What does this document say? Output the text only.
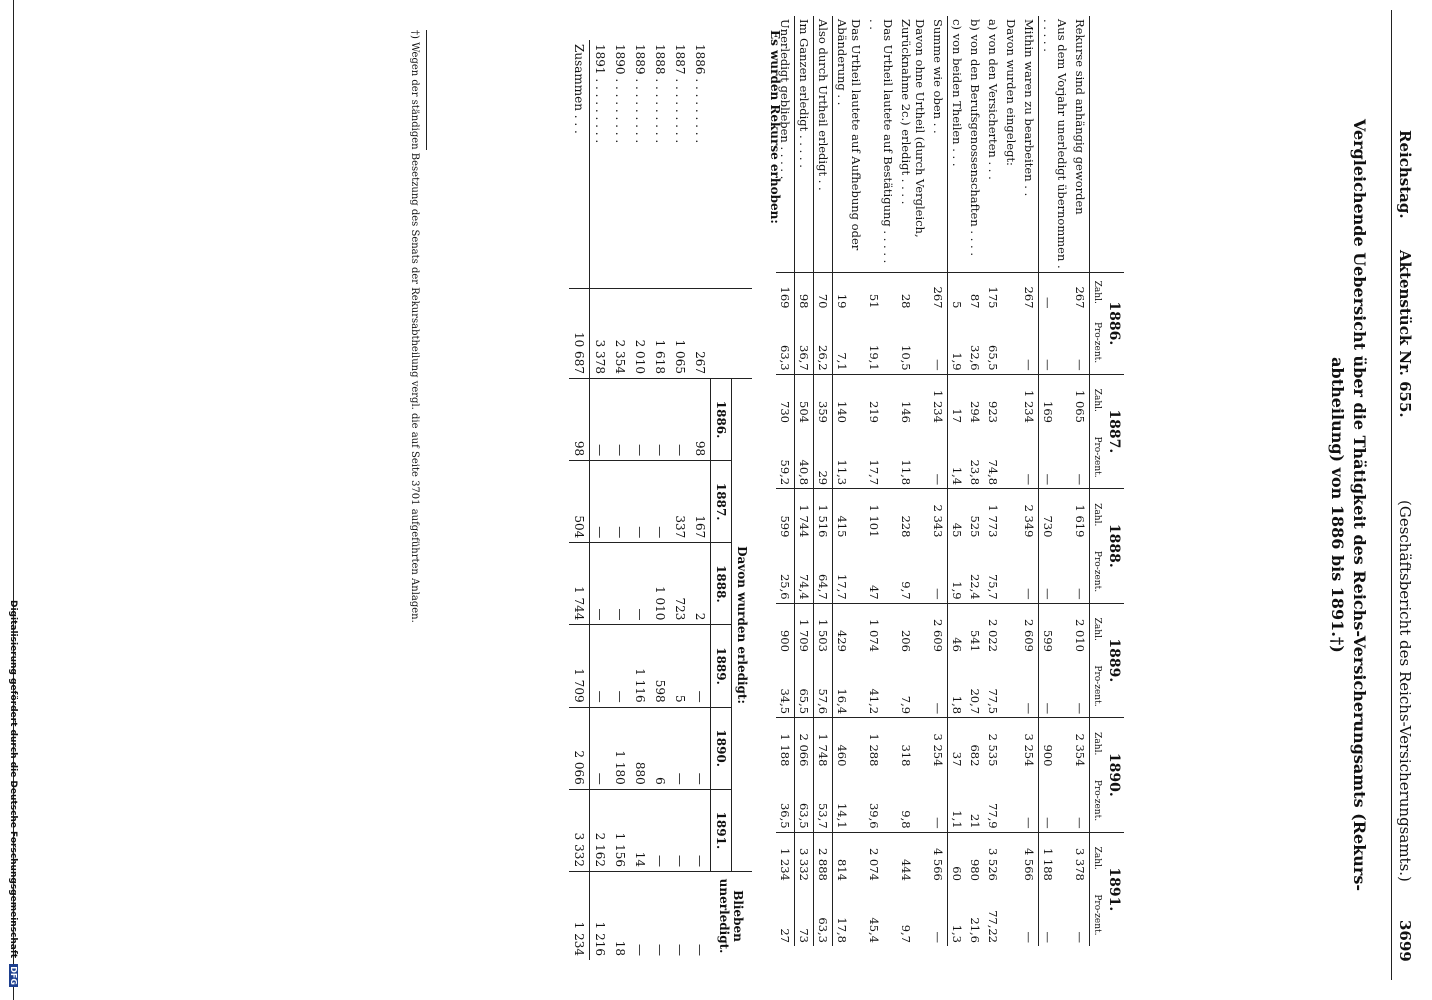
Reichstag.
Aktenstück Nr. 655.
(Geschäftsbericht des Reichs-Versicherungsamts.)
3699
Vergleichende Uebersicht über die Thätigkeit des Reichs-Versicherungsamts (Rekurs-
abtheilung) von 1886 bis 1891.†)
	1886.		1887.		1888.		1889.		1890.		1891.	
	Zahl.	Pro-zent.	Zahl.	Pro-zent.	Zahl.	Pro-zent.	Zahl.	Pro-zent.	Zahl.	Pro-zent.	Zahl.	Pro-zent.
Rekurse sind anhängig geworden	267	—	1 065	—	1 619	—	2 010	—	2 354	—	3 378	—
Aus dem Vorjahr unerledigt übernommen . . . . . .	—	—	169	—	730	—	599	—	900	—	1 188	—
Mithin waren zu bearbeiten . .	267	—	1 234	—	2 349	—	2 609	—	3 254	—	4 566	—
Davon wurden eingelegt:												
a) von den Versicherten . . .	175	65,5	923	74,8	1 773	75,7	2 022	77,5	2 535	77,9	3 526	77,22
b) von den Berufsgenossenschaften . . . .	87	32,6	294	23,8	525	22,4	541	20,7	682	21	980	21,6
c) von beiden Theilen . . .	5	1,9	17	1,4	45	1,9	46	1,8	37	1,1	60	1,3
Summe wie oben . .	267	—	1 234	—	2 343	—	2 609	—	3 254	—	4 566	—
Davon ohne Urtheil (durch Vergleich, Zurücknahme 2c.) erledigt . . . .	28	10,5	146	11,8	228	9,7	206	7,9	318	9,8	444	9,7
Das Urtheil lautete auf Bestätigung . . . . . . .	51	19,1	219	17,7	1 101	47	1 074	41,2	1 288	39,6	2 074	45,4
Das Urtheil lautete auf Aufhebung oder Abänderung . .	19	7,1	140	11,3	415	17,7	429	16,4	460	14,1	814	17,8
Also durch Urtheil erledigt . .	70	26,2	359	29	1 516	64,7	1 503	57,6	1 748	53,7	2 888	63,3
Im Ganzen erledigt . . . . .	98	36,7	504	40,8	1 744	74,4	1 709	65,5	2 066	63,5	3 332	73
Unerledigt geblieben . . . . .	169	63,3	730	59,2	599	25,6	900	34,5	1 188	36,5	1 234	27
Es wurden Rekurse erhoben:
		Davon wurden erledigt:						Blieben unerledigt.
		1886.	1887.	1888.	1889.	1890.	1891.	
1886 . . . . . . . . .	267	98	167	2	—	—	—	—
1887 . . . . . . . . .	1 065	—	337	723	5	—	—	—
1888 . . . . . . . . .	1 618	—	—	1 010	598	6	—	—
1889 . . . . . . . . .	2 010	—	—	—	1 116	880	14	—
1890 . . . . . . . . .	2 354	—	—	—	—	1 180	1 156	18
1891 . . . . . . . . .	3 378	—	—	—	—	—	2 162	1 216
Zusammen . . .	10 687	98	504	1 744	1 709	2 066	3 332	1 234
†) Wegen der ständigen Besetzung des Senats der Rekursabtheilung vergl. die auf Seite 3701 aufgeführten Anlagen.
Digitalisierung gefördert durch die Deutsche Forschungsgemeinschaft DFG
